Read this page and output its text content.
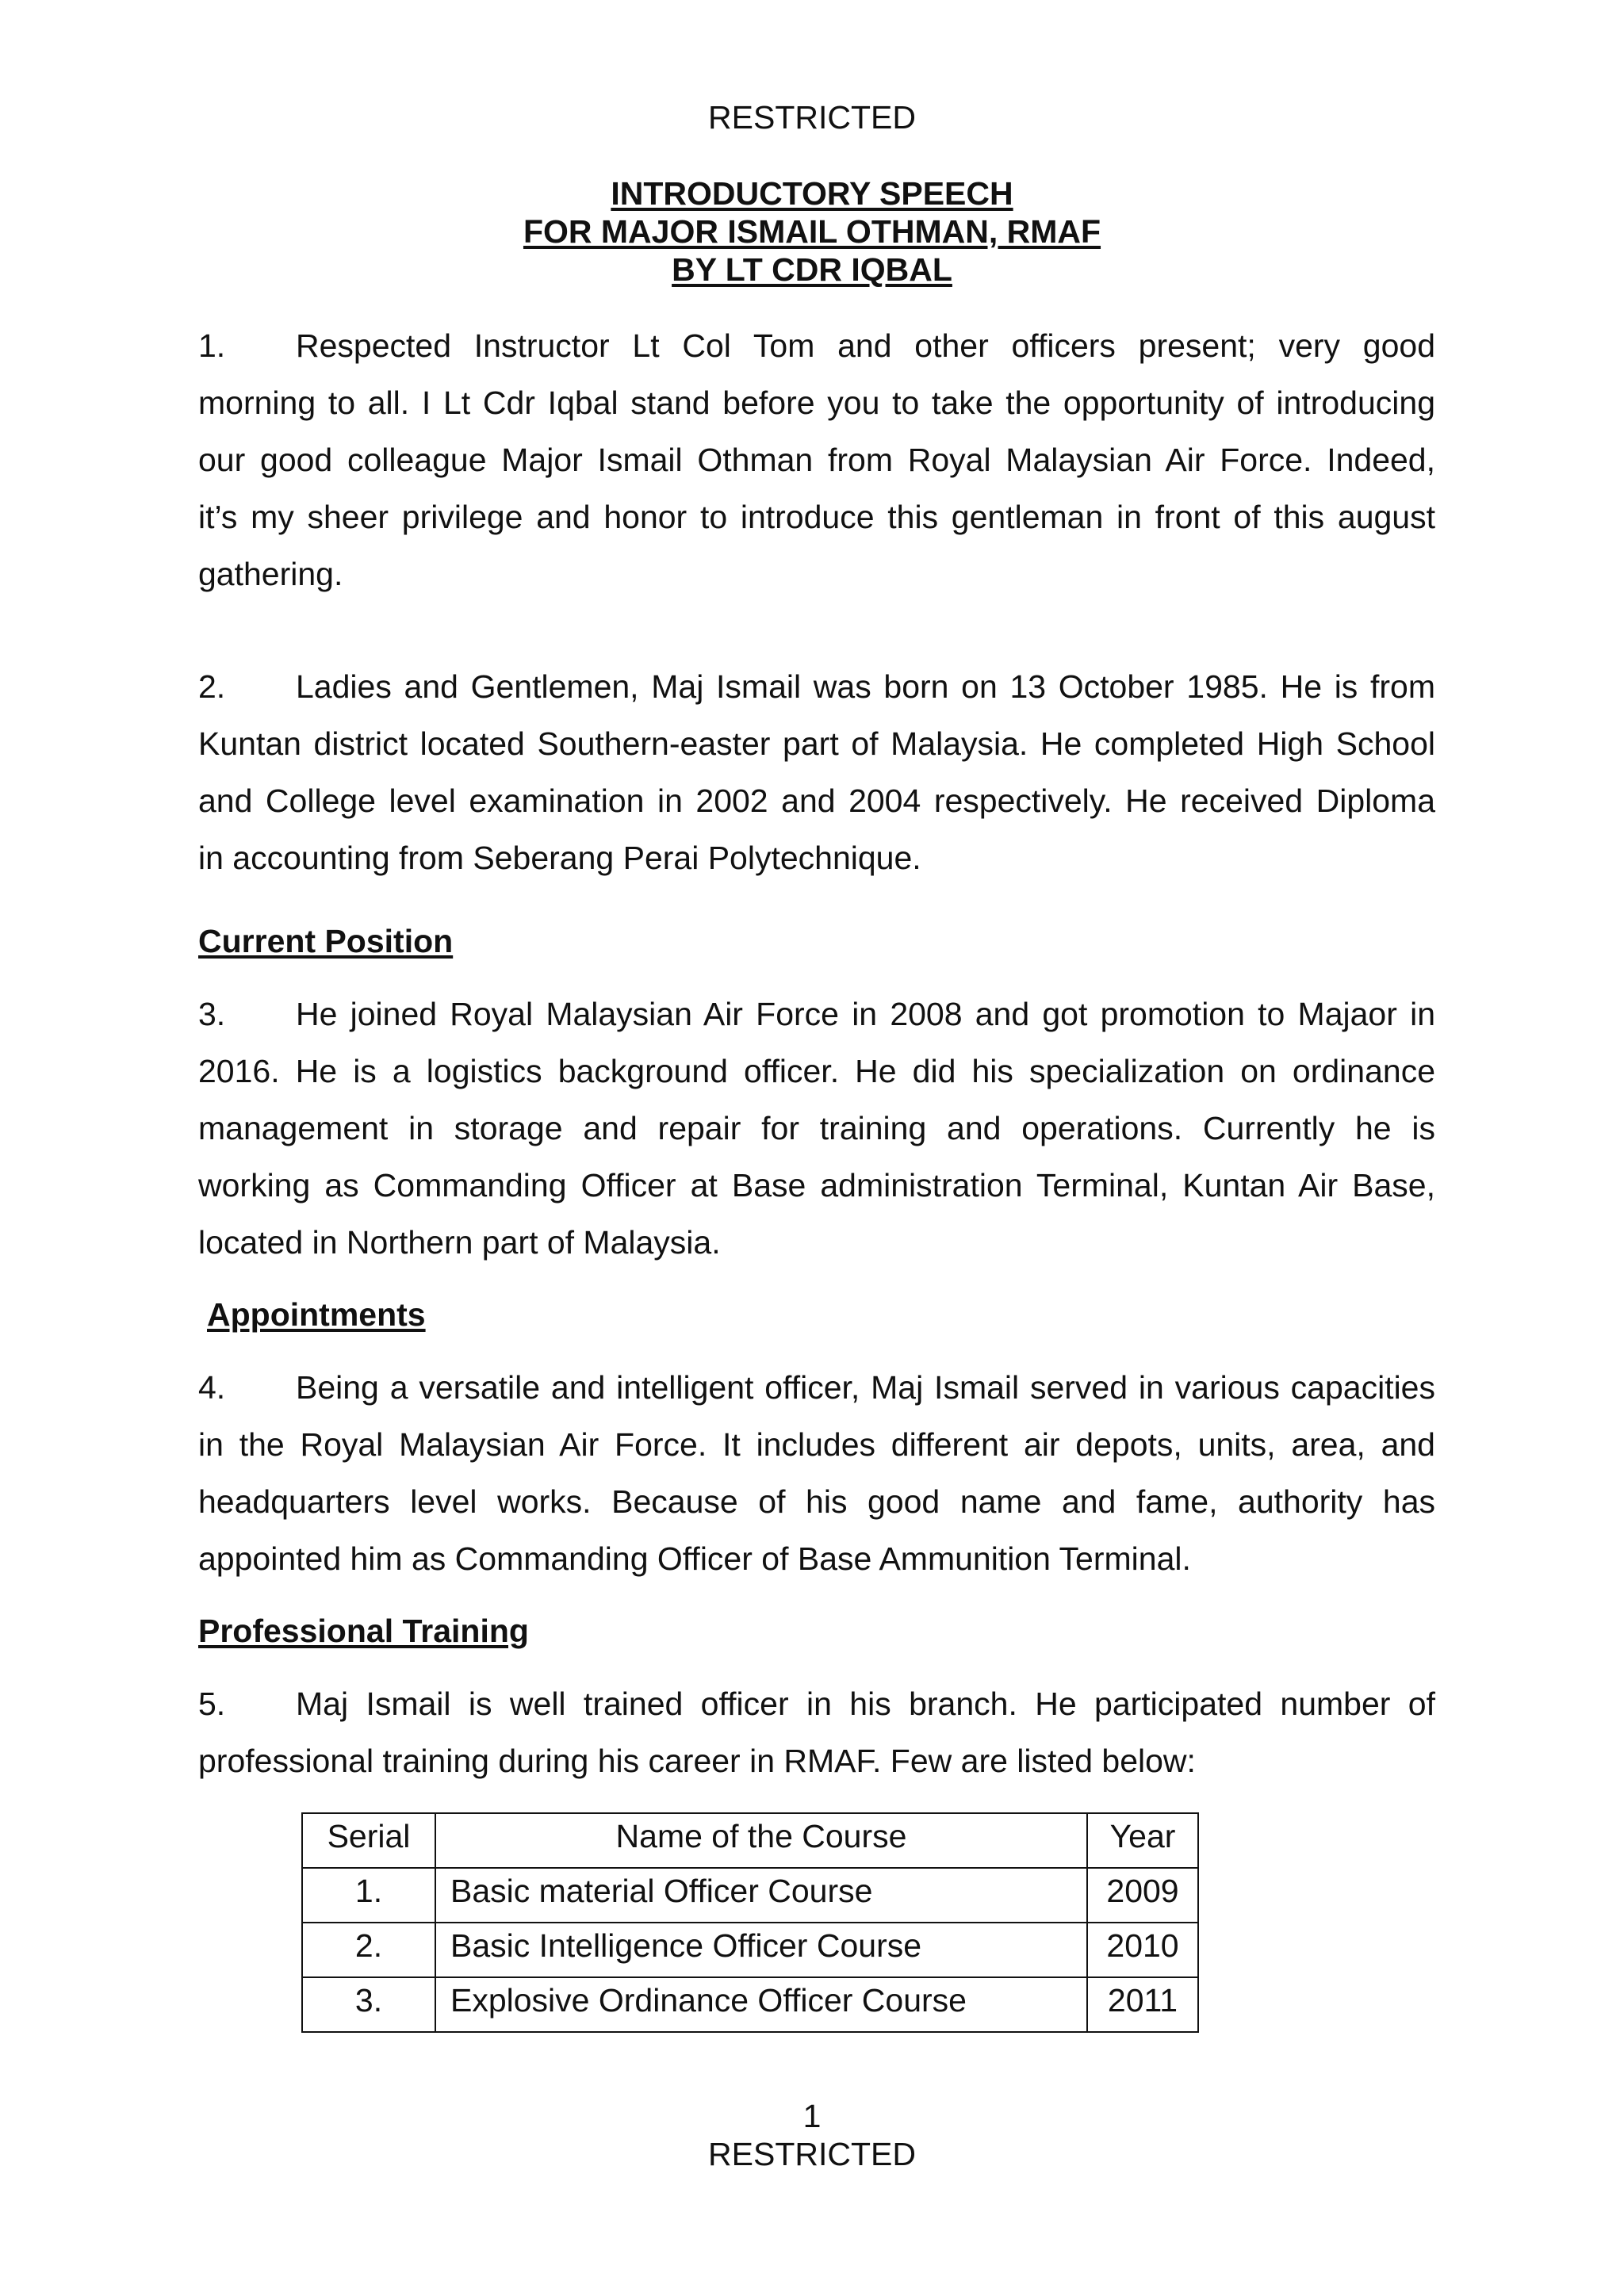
RESTRICTED
INTRODUCTORY SPEECH
FOR MAJOR ISMAIL OTHMAN, RMAF
BY LT CDR IQBAL
1. Respected Instructor Lt Col Tom and other officers present; very good
morning to all. I Lt Cdr Iqbal stand before you to take the opportunity of introducing
our good colleague Major Ismail Othman from Royal Malaysian Air Force. Indeed,
it’s my sheer privilege and honor to introduce this gentleman in front of this august
gathering.
2. Ladies and Gentlemen, Maj Ismail was born on 13 October 1985. He is from
Kuntan district located Southern-easter part of Malaysia. He completed High School
and College level examination in 2002 and 2004 respectively. He received Diploma
in accounting from Seberang Perai Polytechnique.
Current Position
3. He joined Royal Malaysian Air Force in 2008 and got promotion to Majaor in
2016. He is a logistics background officer. He did his specialization on ordinance
management in storage and repair for training and operations. Currently he is
working as Commanding Officer at Base administration Terminal, Kuntan Air Base,
located in Northern part of Malaysia.
Appointments
4. Being a versatile and intelligent officer, Maj Ismail served in various capacities
in the Royal Malaysian Air Force. It includes different air depots, units, area, and
headquarters level works. Because of his good name and fame, authority has
appointed him as Commanding Officer of Base Ammunition Terminal.
Professional Training
5. Maj Ismail is well trained officer in his branch. He participated number of
professional training during his career in RMAF. Few are listed below:
Serial	Name of the Course	Year
1.	Basic material Officer Course	2009
2.	Basic Intelligence Officer Course	2010
3.	Explosive Ordinance Officer Course	2011
1
RESTRICTED
